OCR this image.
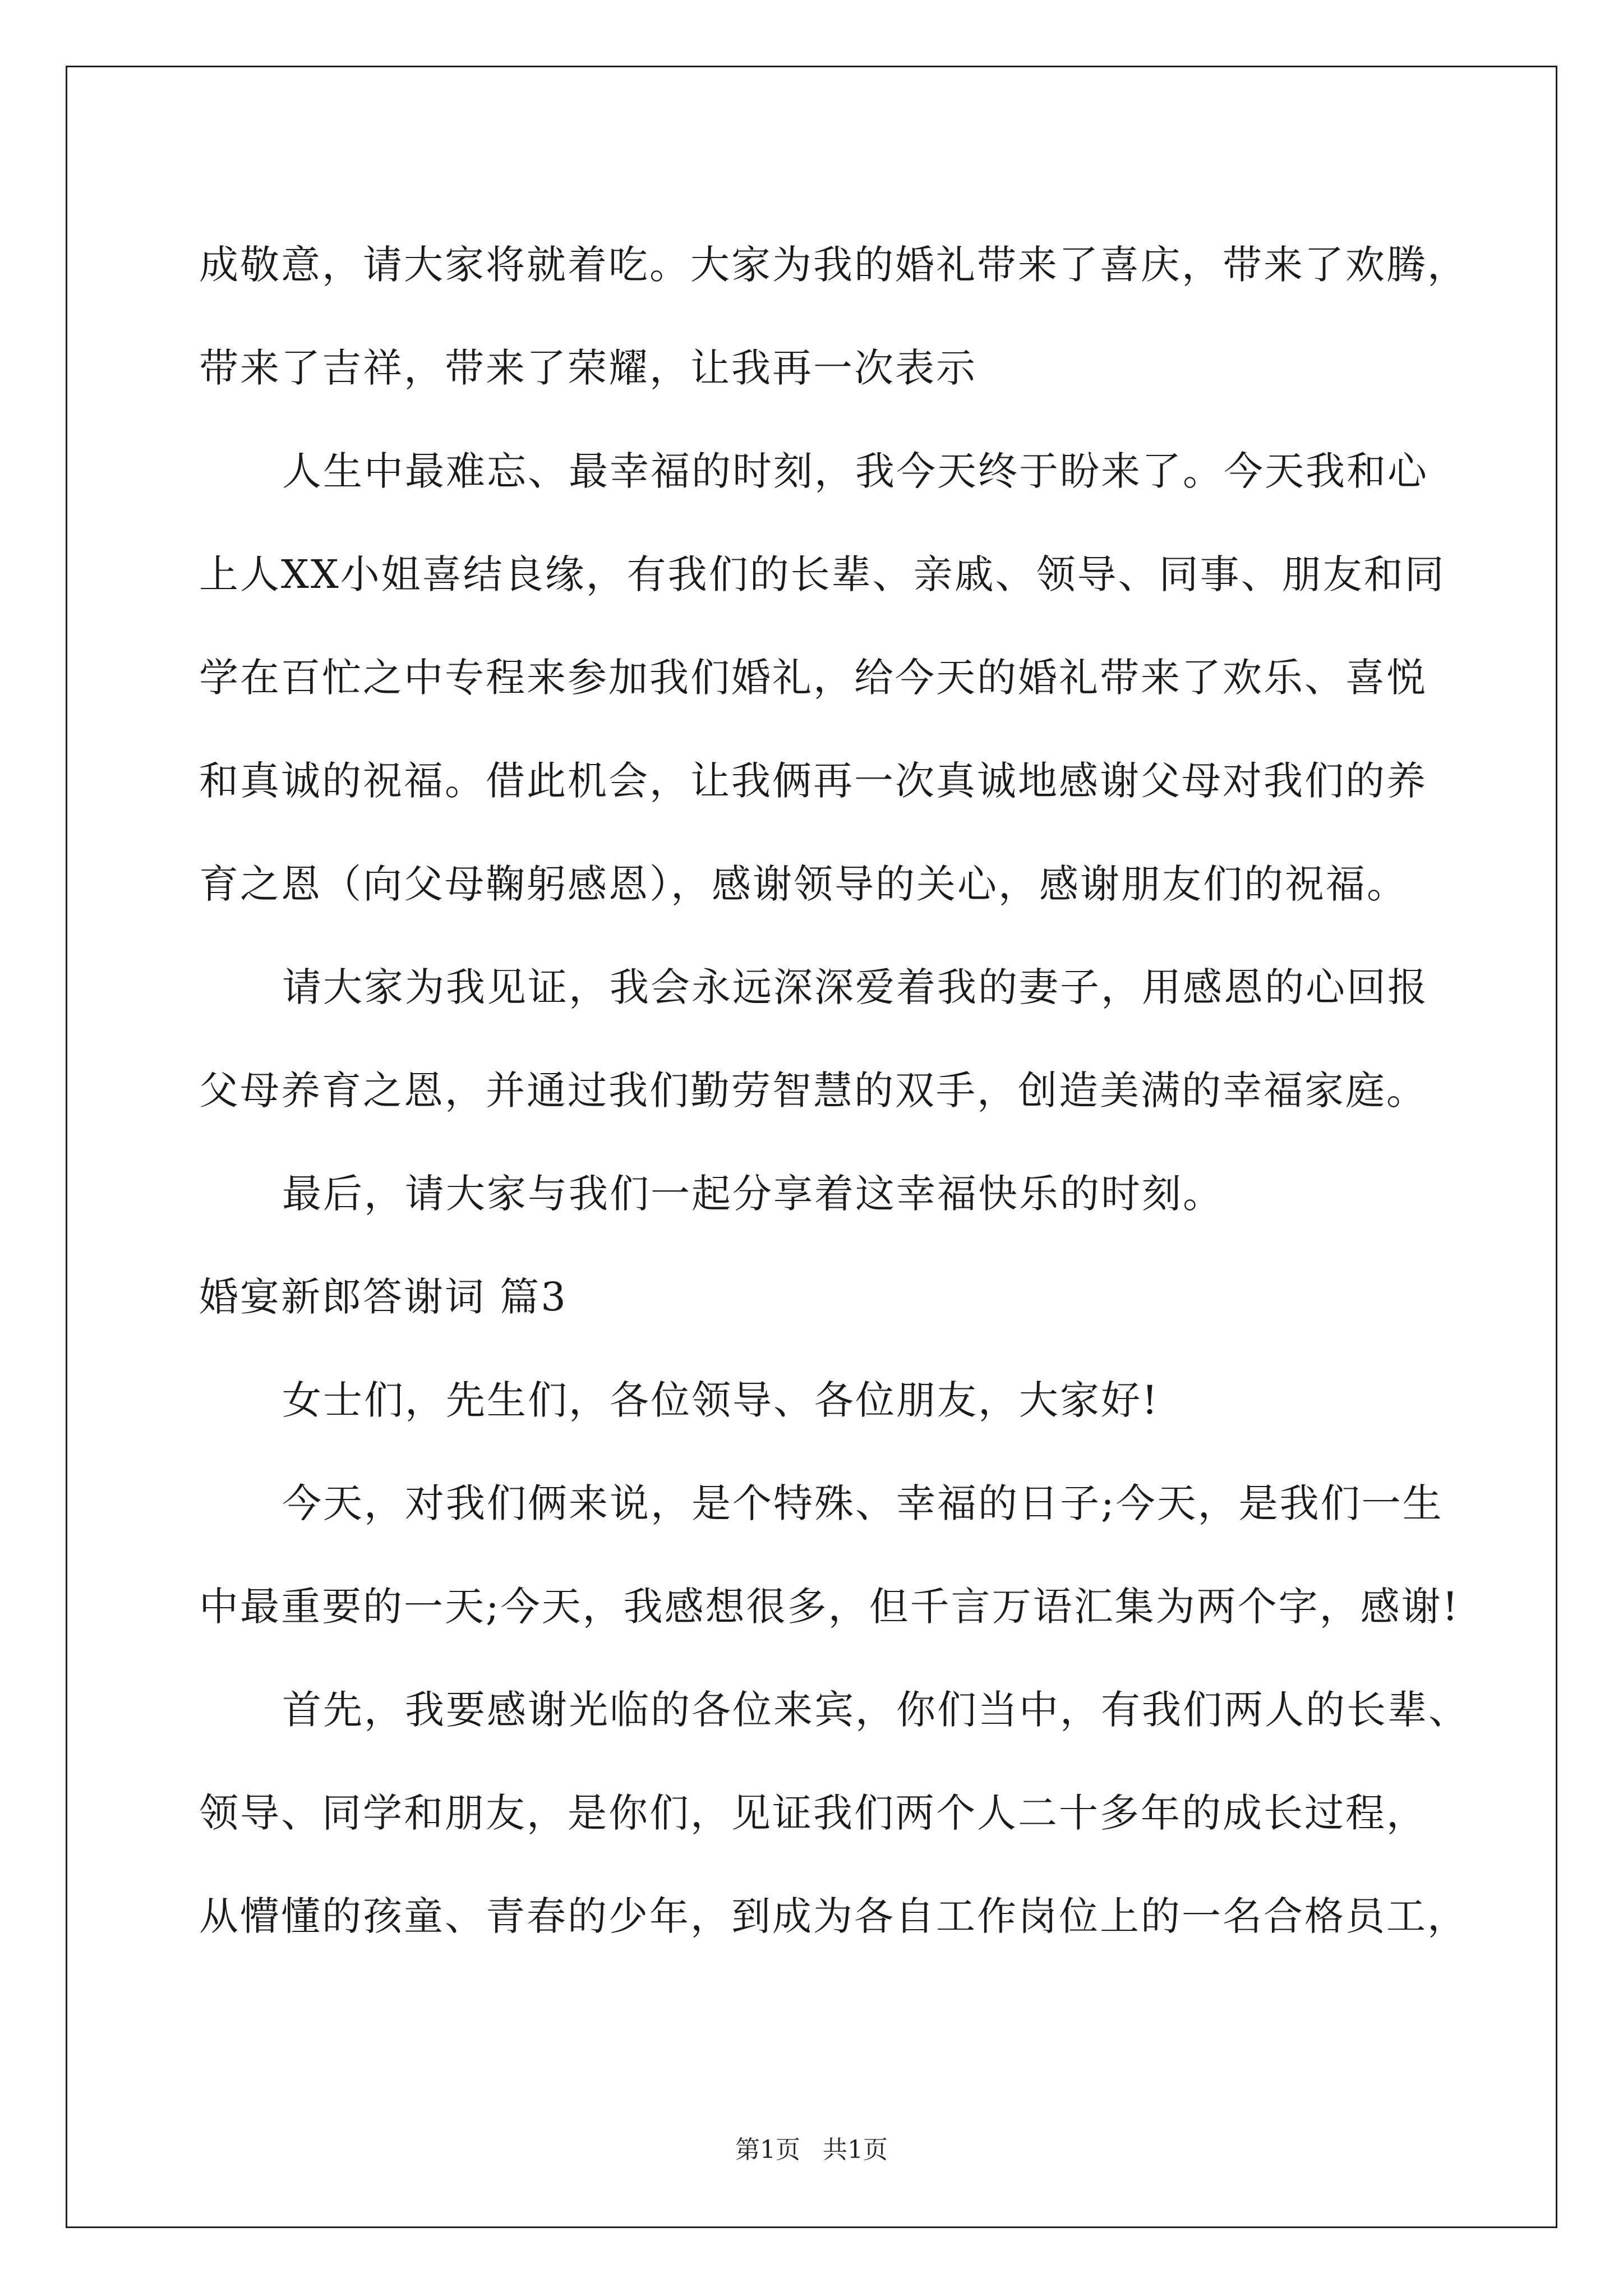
成敬意，请大家将就着吃。大家为我的婚礼带来了喜庆，带来了欢腾，
带来了吉祥，带来了荣耀，让我再一次表示
人生中最难忘、最幸福的时刻，我今天终于盼来了。今天我和心
上人XX小姐喜结良缘，有我们的长辈、亲戚、领导、同事、朋友和同
学在百忙之中专程来参加我们婚礼，给今天的婚礼带来了欢乐、喜悦
和真诚的祝福。借此机会，让我俩再一次真诚地感谢父母对我们的养
育之恩（向父母鞠躬感恩），感谢领导的关心，感谢朋友们的祝福。
请大家为我见证，我会永远深深爱着我的妻子，用感恩的心回报
父母养育之恩，并通过我们勤劳智慧的双手，创造美满的幸福家庭。
最后，请大家与我们一起分享着这幸福快乐的时刻。
婚宴新郎答谢词 篇3
女士们，先生们，各位领导、各位朋友，大家好!
今天，对我们俩来说，是个特殊、幸福的日子;今天，是我们一生
中最重要的一天;今天，我感想很多，但千言万语汇集为两个字，感谢!
首先，我要感谢光临的各位来宾，你们当中，有我们两人的长辈、
领导、同学和朋友，是你们，见证我们两个人二十多年的成长过程，
从懵懂的孩童、青春的少年，到成为各自工作岗位上的一名合格员工，
第1页 共1页
